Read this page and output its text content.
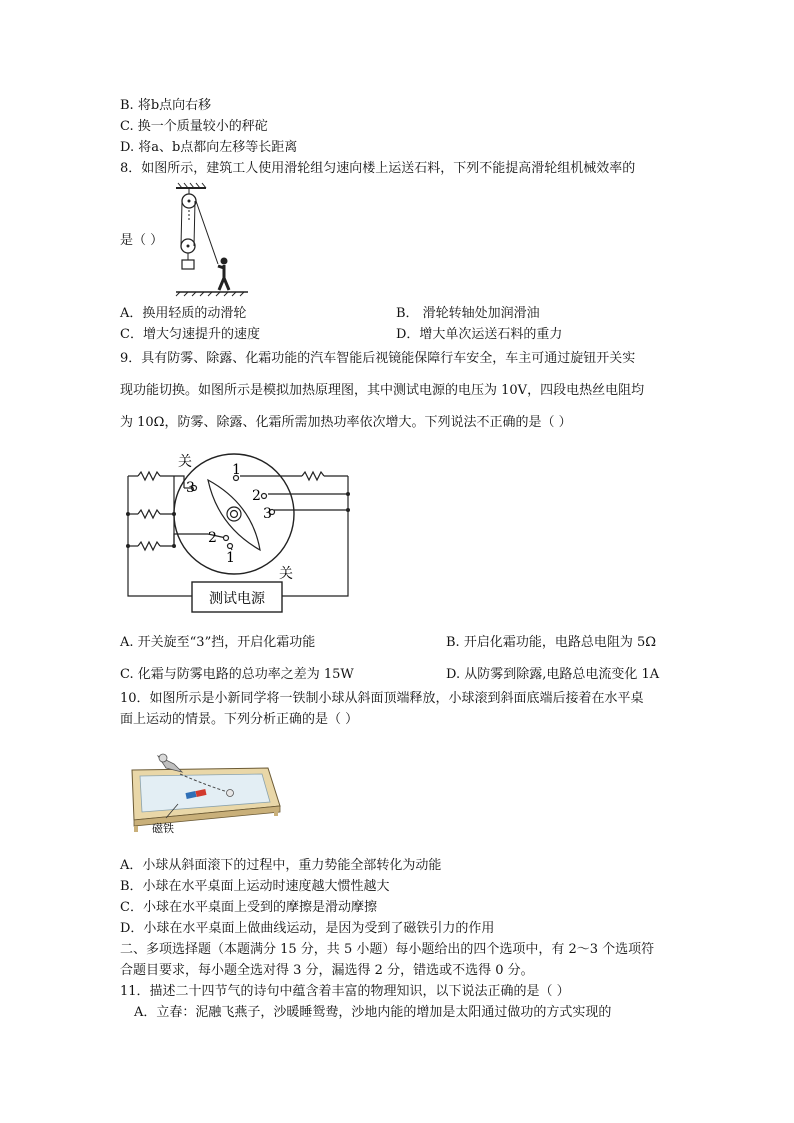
B. 将b点向右移
C. 换一个质量较小的秤砣
D. 将a、b点都向左移等长距离
8．如图所示，建筑工人使用滑轮组匀速向楼上运送石料，下列不能提高滑轮组机械效率的
是（ ）
A．换用轻质的动滑轮	B． 滑轮转轴处加润滑油
C．增大匀速提升的速度	D．增大单次运送石料的重力
9．具有防雾、除露、化霜功能的汽车智能后视镜能保障行车安全，车主可通过旋钮开关实
现功能切换。如图所示是模拟加热原理图，其中测试电源的电压为 10V，四段电热丝电阻均
为 10Ω，防雾、除露、化霜所需加热功率依次增大。下列说法不正确的是（ ）
关
关
1
2
3
3
2
1
测试电源
A. 开关旋至“3”挡，开启化霜功能	B. 开启化霜功能，电路总电阻为 5Ω
C. 化霜与防雾电路的总功率之差为 15W	D. 从防雾到除露,电路总电流变化 1A
10．如图所示是小新同学将一铁制小球从斜面顶端释放，小球滚到斜面底端后接着在水平桌
面上运动的情景。下列分析正确的是（ ）
磁铁
A．小球从斜面滚下的过程中，重力势能全部转化为动能
B．小球在水平桌面上运动时速度越大惯性越大
C．小球在水平桌面上受到的摩擦是滑动摩擦
D．小球在水平桌面上做曲线运动，是因为受到了磁铁引力的作用
二、多项选择题（本题满分 15 分，共 5 小题）每小题给出的四个选项中，有 2～3 个选项符
合题目要求，每小题全选对得 3 分，漏选得 2 分，错选或不选得 0 分。
11．描述二十四节气的诗句中蕴含着丰富的物理知识，以下说法正确的是（ ）
A．立春：泥融飞燕子，沙暖睡鸳鸯，沙地内能的增加是太阳通过做功的方式实现的
